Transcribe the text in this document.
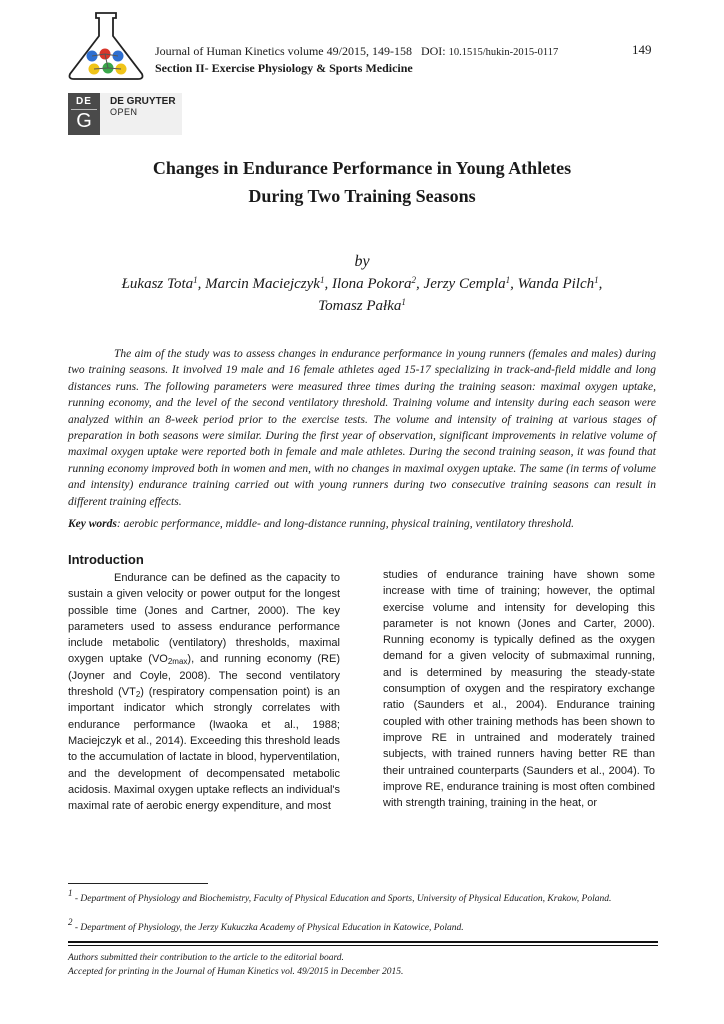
Journal of Human Kinetics volume 49/2015, 149-158 DOI: 10.1515/hukin-2015-0117
Section II- Exercise Physiology & Sports Medicine
149
DE
G
DE GRUYTER
OPEN
Changes in Endurance Performance in Young Athletes
During Two Training Seasons
by
Łukasz Tota$^1$, Marcin Maciejczyk$^1$, Ilona Pokora$^2$, Jerzy Cempla$^1$, Wanda Pilch$^1$,
Tomasz Pałka$^1$
The aim of the study was to assess changes in endurance performance in young runners (females and males) during two training seasons. It involved 19 male and 16 female athletes aged 15-17 specializing in track-and-field middle and long distances runs. The following parameters were measured three times during the training season: maximal oxygen uptake, running economy, and the level of the second ventilatory threshold. Training volume and intensity during each season were analyzed within an 8-week period prior to the exercise tests. The volume and intensity of training at various stages of preparation in both seasons were similar. During the first year of observation, significant improvements in relative volume of maximal oxygen uptake were reported both in female and male athletes. During the second training season, it was found that running economy improved both in women and men, with no changes in maximal oxygen uptake. The same (in terms of volume and intensity) endurance training carried out with young runners during two consecutive training seasons can result in different training effects.
Key words: aerobic performance, middle- and long-distance running, physical training, ventilatory threshold.
Introduction
Endurance can be defined as the capacity to sustain a given velocity or power output for the longest possible time (Jones and Cartner, 2000). The key parameters used to assess endurance performance include metabolic (ventilatory) thresholds, maximal oxygen uptake $(VO_{2max})$, and running economy (RE) (Joyner and Coyle, 2008). The second ventilatory threshold $(VT_2)$ (respiratory compensation point) is an important indicator which strongly correlates with endurance performance (Iwaoka et al., 1988; Maciejczyk et al., 2014). Exceeding this threshold leads to the accumulation of lactate in blood, hyperventilation, and the development of decompensated metabolic acidosis. Maximal oxygen uptake reflects an individual's maximal rate of aerobic energy expenditure, and most
studies of endurance training have shown some increase with time of training; however, the optimal exercise volume and intensity for developing this parameter is not known (Jones and Carter, 2000). Running economy is typically defined as the oxygen demand for a given velocity of submaximal running, and is determined by measuring the steady-state consumption of oxygen and the respiratory exchange ratio (Saunders et al., 2004). Endurance training coupled with other training methods has been shown to improve RE in untrained and moderately trained subjects, with trained runners having better RE than their untrained counterparts (Saunders et al., 2004). To improve RE, endurance training is most often combined with strength training, training in the heat, or
$^1$ - Department of Physiology and Biochemistry, Faculty of Physical Education and Sports, University of Physical Education, Krakow, Poland.
$^2$ - Department of Physiology, the Jerzy Kukuczka Academy of Physical Education in Katowice, Poland.
Authors submitted their contribution to the article to the editorial board.
Accepted for printing in the Journal of Human Kinetics vol. 49/2015 in December 2015.
